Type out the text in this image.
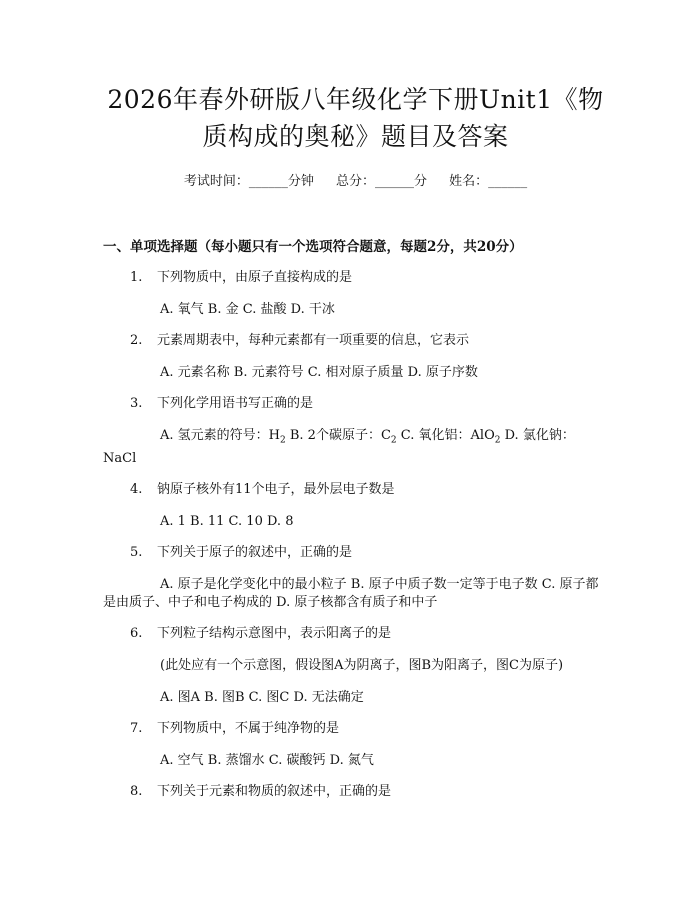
2026年春外研版八年级化学下册Unit1《物
质构成的奥秘》题目及答案
考试时间：______分钟 总分：______分 姓名：______
一、单项选择题（每小题只有一个选项符合题意，每题2分，共20分）
1. 下列物质中，由原子直接构成的是
A. 氧气 B. 金 C. 盐酸 D. 干冰
2. 元素周期表中，每种元素都有一项重要的信息，它表示
A. 元素名称 B. 元素符号 C. 相对原子质量 D. 原子序数
3. 下列化学用语书写正确的是
A. 氢元素的符号：$H_2$ B. 2个碳原子：$C_2$ C. 氧化铝：AlO$_2$ D. 氯化钠：NaCl
4. 钠原子核外有11个电子，最外层电子数是
A. 1 B. 11 C. 10 D. 8
5. 下列关于原子的叙述中，正确的是
A. 原子是化学变化中的最小粒子 B. 原子中质子数一定等于电子数 C. 原子都是由质子、中子和电子构成的 D. 原子核都含有质子和中子
6. 下列粒子结构示意图中，表示阳离子的是
(此处应有一个示意图，假设图A为阴离子，图B为阳离子，图C为原子)
A. 图A B. 图B C. 图C D. 无法确定
7. 下列物质中，不属于纯净物的是
A. 空气 B. 蒸馏水 C. 碳酸钙 D. 氮气
8. 下列关于元素和物质的叙述中，正确的是
